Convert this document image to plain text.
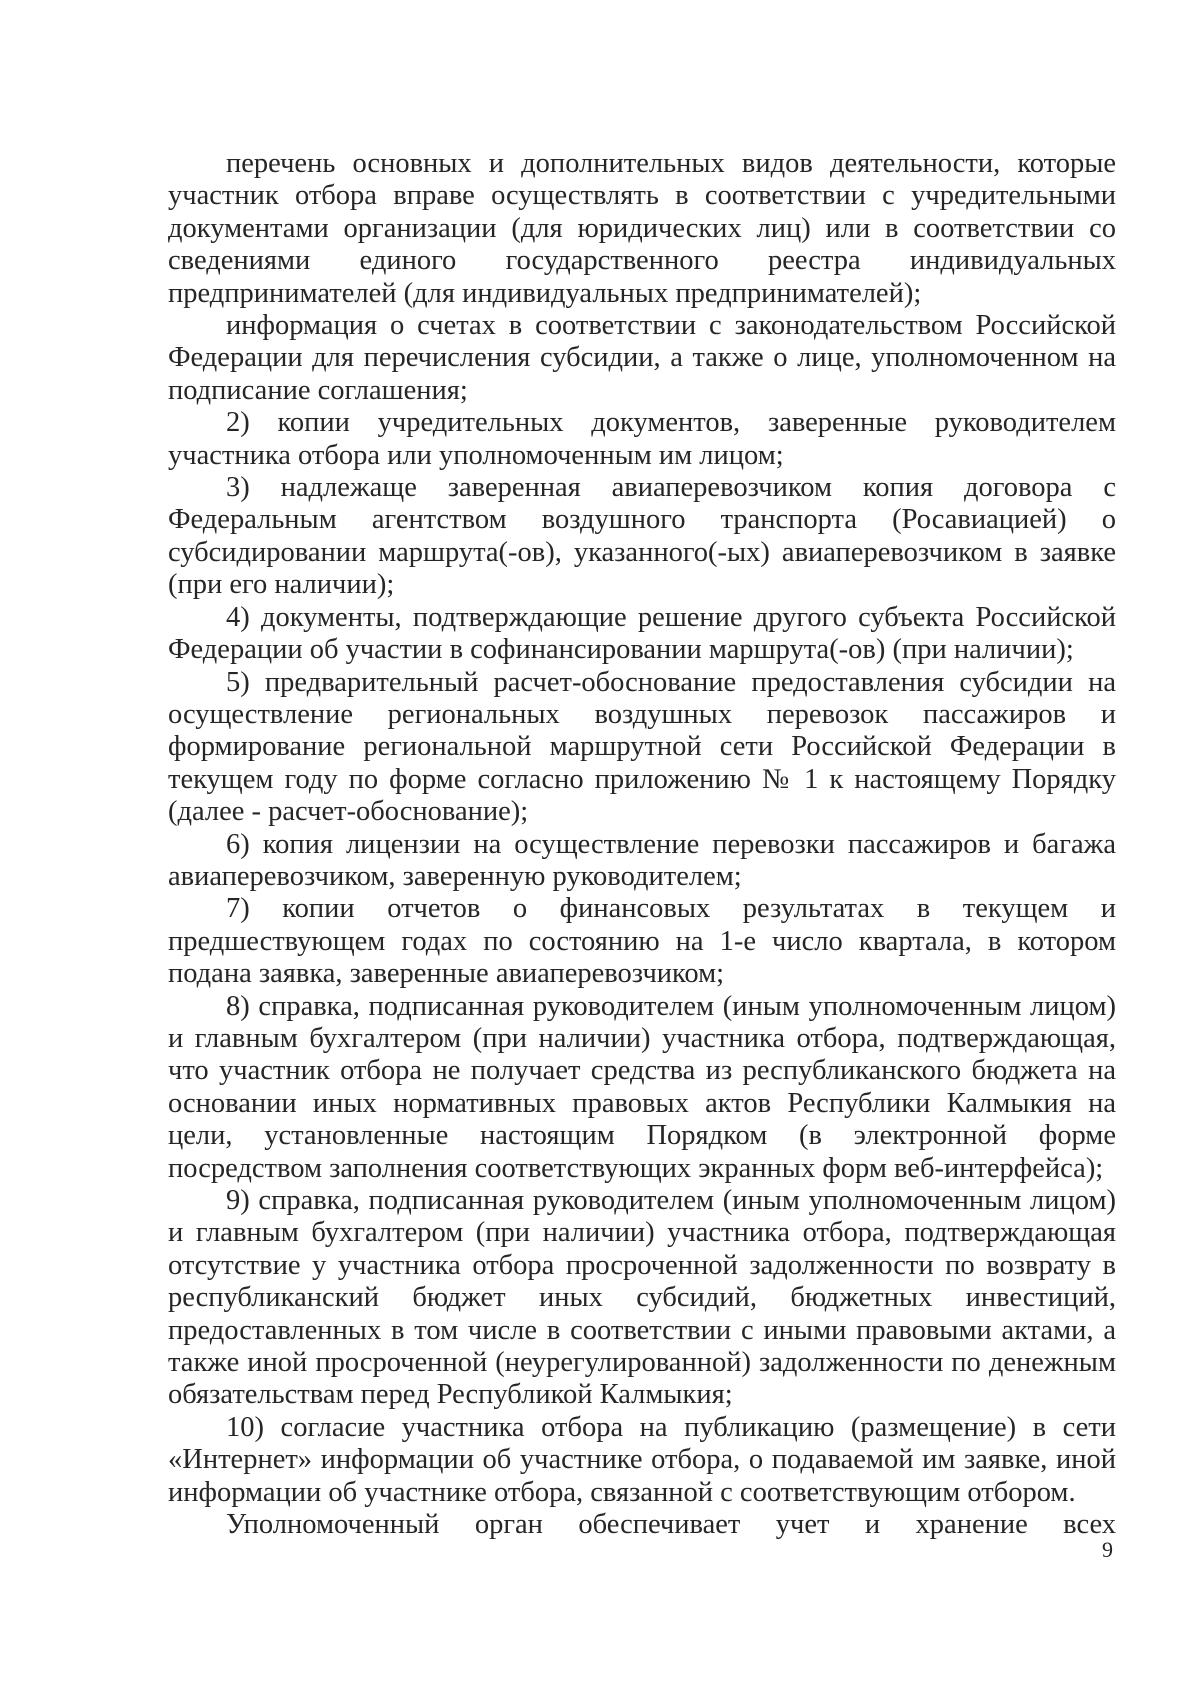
перечень основных и дополнительных видов деятельности, которые участник отбора вправе осуществлять в соответствии с учредительными документами организации (для юридических лиц) или в соответствии со сведениями единого государственного реестра индивидуальных предпринимателей (для индивидуальных предпринимателей);

информация о счетах в соответствии с законодательством Российской Федерации для перечисления субсидии, а также о лице, уполномоченном на подписание соглашения;

2) копии учредительных документов, заверенные руководителем участника отбора или уполномоченным им лицом;

3) надлежаще заверенная авиаперевозчиком копия договора с Федеральным агентством воздушного транспорта (Росавиацией) о субсидировании маршрута(-ов), указанного(-ых) авиаперевозчиком в заявке (при его наличии);

4) документы, подтверждающие решение другого субъекта Российской Федерации об участии в софинансировании маршрута(-ов) (при наличии);

5) предварительный расчет-обоснование предоставления субсидии на осуществление региональных воздушных перевозок пассажиров и формирование региональной маршрутной сети Российской Федерации в текущем году по форме согласно приложению № 1 к настоящему Порядку (далее - расчет-обоснование);

6) копия лицензии на осуществление перевозки пассажиров и багажа авиаперевозчиком, заверенную руководителем;

7) копии отчетов о финансовых результатах в текущем и предшествующем годах по состоянию на 1-е число квартала, в котором подана заявка, заверенные авиаперевозчиком;

8) справка, подписанная руководителем (иным уполномоченным лицом) и главным бухгалтером (при наличии) участника отбора, подтверждающая, что участник отбора не получает средства из республиканского бюджета на основании иных нормативных правовых актов Республики Калмыкия на цели, установленные настоящим Порядком (в электронной форме посредством заполнения соответствующих экранных форм веб-интерфейса);

9) справка, подписанная руководителем (иным уполномоченным лицом) и главным бухгалтером (при наличии) участника отбора, подтверждающая отсутствие у участника отбора просроченной задолженности по возврату в республиканский бюджет иных субсидий, бюджетных инвестиций, предоставленных в том числе в соответствии с иными правовыми актами, а также иной просроченной (неурегулированной) задолженности по денежным обязательствам перед Республикой Калмыкия;

10) согласие участника отбора на публикацию (размещение) в сети «Интернет» информации об участнике отбора, о подаваемой им заявке, иной информации об участнике отбора, связанной с соответствующим отбором.

Уполномоченный орган обеспечивает учет и хранение всех

9
